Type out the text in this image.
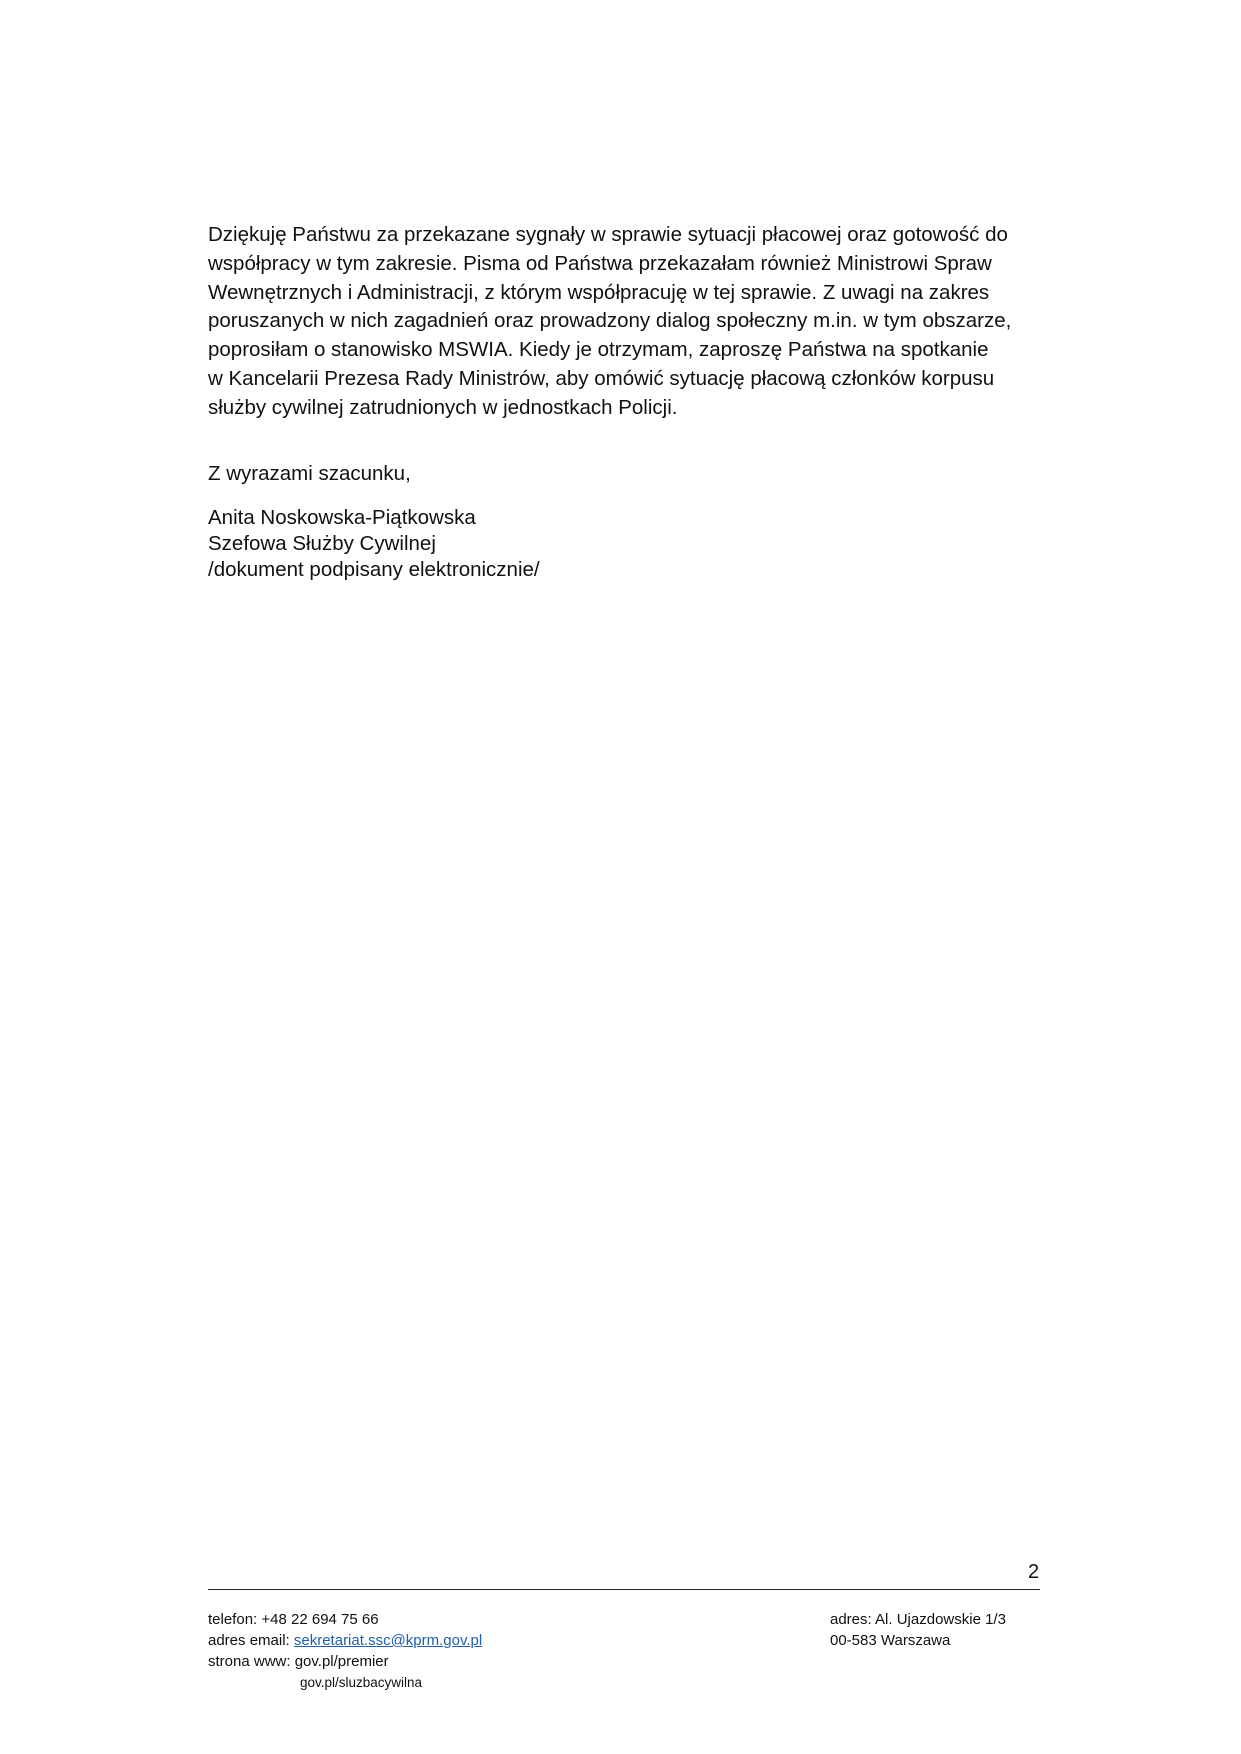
Dziękuję Państwu za przekazane sygnały w sprawie sytuacji płacowej oraz gotowość do
współpracy w tym zakresie. Pisma od Państwa przekazałam również Ministrowi Spraw
Wewnętrznych i Administracji, z którym współpracuję w tej sprawie. Z uwagi na zakres
poruszanych w nich zagadnień oraz prowadzony dialog społeczny m.in. w tym obszarze,
poprosiłam o stanowisko MSWIA. Kiedy je otrzymam, zaproszę Państwa na spotkanie
w Kancelarii Prezesa Rady Ministrów, aby omówić sytuację płacową członków korpusu
służby cywilnej zatrudnionych w jednostkach Policji.
Z wyrazami szacunku,
Anita Noskowska-Piątkowska
Szefowa Służby Cywilnej
/dokument podpisany elektronicznie/
2
telefon: +48 22 694 75 66
adres email: sekretariat.ssc@kprm.gov.pl
strona www: gov.pl/premier
gov.pl/sluzbacywilna
adres: Al. Ujazdowskie 1/3
00-583 Warszawa
